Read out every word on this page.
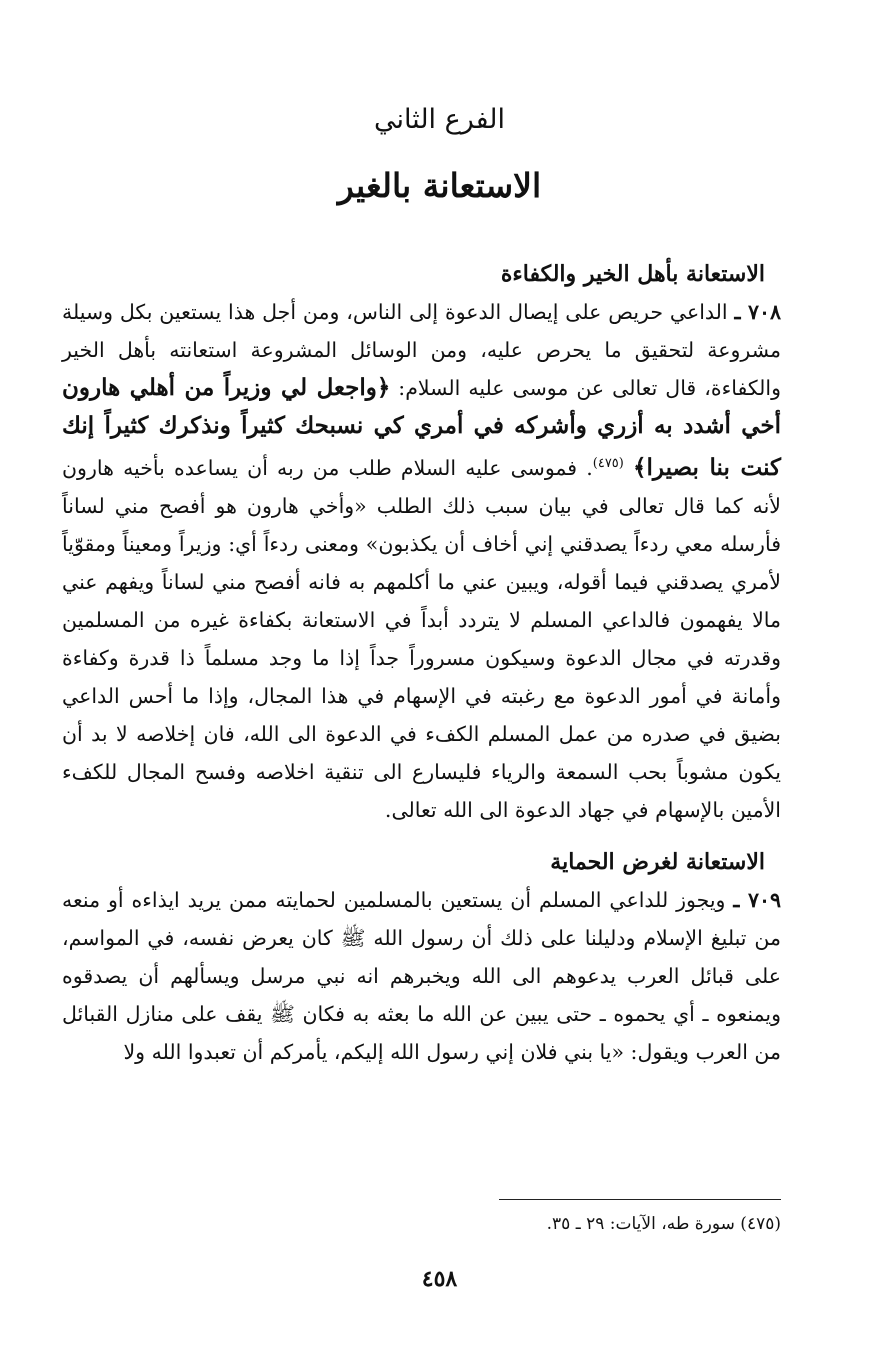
الفرع الثاني
الاستعانة بالغير
الاستعانة بأهل الخير والكفاءة

٧٠٨ ـ الداعي حريص على إيصال الدعوة إلى الناس، ومن أجل هذا يستعين بكل وسيلة مشروعة لتحقيق ما يحرص عليه، ومن الوسائل المشروعة استعانته بأهل الخير والكفاءة، قال تعالى عن موسى عليه السلام: ﴿واجعل لي وزيراً من أهلي هارون أخي أشدد به أزري وأشركه في أمري كي نسبحك كثيراً ونذكرك كثيراً إنك كنت بنا بصيرا﴾ $^{(٤٧٥)}$. فموسى عليه السلام طلب من ربه أن يساعده بأخيه هارون لأنه كما قال تعالى في بيان سبب ذلك الطلب «وأخي هارون هو أفصح مني لساناً فأرسله معي ردءاً يصدقني إني أخاف أن يكذبون» ومعنى ردءاً أي: وزيراً ومعيناً ومقوّياً لأمري يصدقني فيما أقوله، ويبين عني ما أكلمهم به فانه أفصح مني لساناً ويفهم عني مالا يفهمون فالداعي المسلم لا يتردد أبداً في الاستعانة بكفاءة غيره من المسلمين وقدرته في مجال الدعوة وسيكون مسروراً جداً إذا ما وجد مسلماً ذا قدرة وكفاءة وأمانة في أمور الدعوة مع رغبته في الإسهام في هذا المجال، وإذا ما أحس الداعي بضيق في صدره من عمل المسلم الكفء في الدعوة الى الله، فان إخلاصه لا بد أن يكون مشوباً بحب السمعة والرياء فليسارع الى تنقية اخلاصه وفسح المجال للكفء الأمين بالإسهام في جهاد الدعوة الى الله تعالى.

الاستعانة لغرض الحماية

٧٠٩ ـ ويجوز للداعي المسلم أن يستعين بالمسلمين لحمايته ممن يريد ايذاءه أو منعه من تبليغ الإسلام ودليلنا على ذلك أن رسول الله ﷺ كان يعرض نفسه، في المواسم، على قبائل العرب يدعوهم الى الله ويخبرهم انه نبي مرسل ويسألهم أن يصدقوه ويمنعوه ـ أي يحموه ـ حتى يبين عن الله ما بعثه به فكان ﷺ يقف على منازل القبائل من العرب ويقول: «يا بني فلان إني رسول الله إليكم، يأمركم أن تعبدوا الله ولا

(٤٧٥) سورة طه، الآيات: ٢٩ ـ ٣٥.
٤٥٨
